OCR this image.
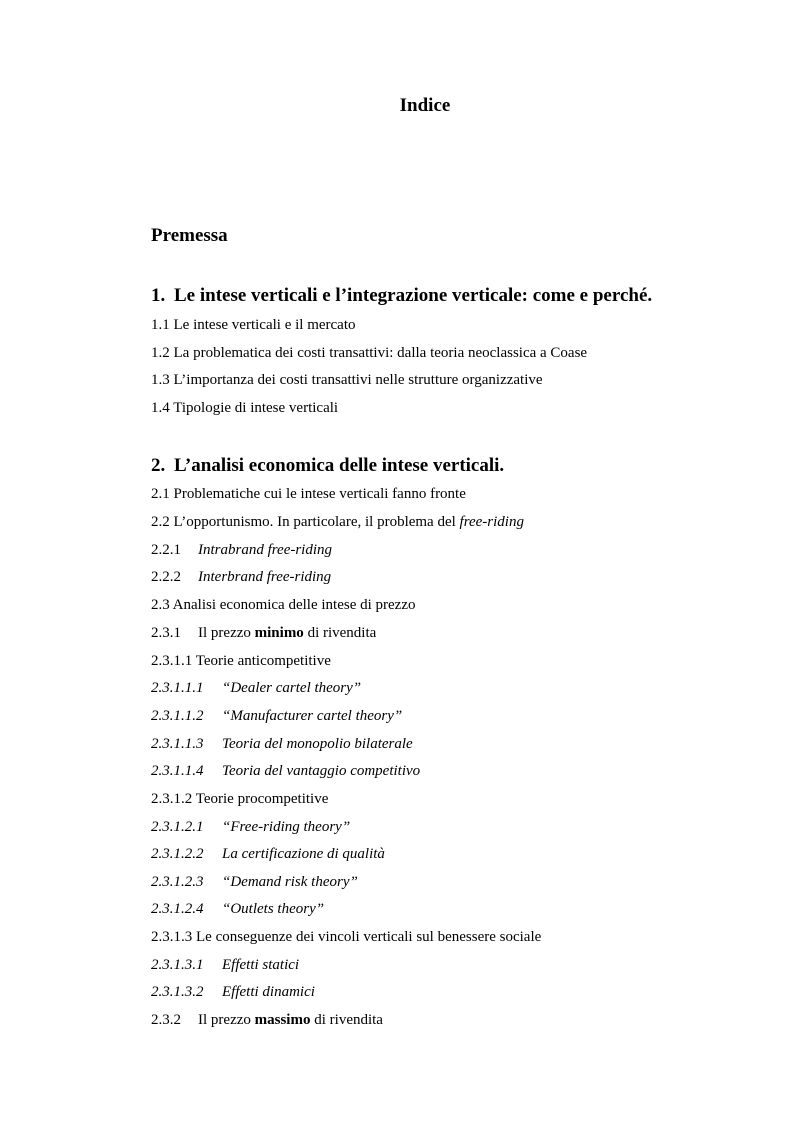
Indice
Premessa
1. Le intese verticali e l’integrazione verticale: come e perché.
1.1 Le intese verticali e il mercato
1.2 La problematica dei costi transattivi: dalla teoria neoclassica a Coase
1.3 L’importanza dei costi transattivi nelle strutture organizzative
1.4 Tipologie di intese verticali
2. L’analisi economica delle intese verticali.
2.1 Problematiche cui le intese verticali fanno fronte
2.2 L’opportunismo. In particolare, il problema del free-riding
2.2.1 Intrabrand free-riding
2.2.2 Interbrand free-riding
2.3 Analisi economica delle intese di prezzo
2.3.1 Il prezzo minimo di rivendita
2.3.1.1 Teorie anticompetitive
2.3.1.1.1 “Dealer cartel theory”
2.3.1.1.2 “Manufacturer cartel theory”
2.3.1.1.3 Teoria del monopolio bilaterale
2.3.1.1.4 Teoria del vantaggio competitivo
2.3.1.2 Teorie procompetitive
2.3.1.2.1 “Free-riding theory”
2.3.1.2.2 La certificazione di qualità
2.3.1.2.3 “Demand risk theory”
2.3.1.2.4 “Outlets theory”
2.3.1.3 Le conseguenze dei vincoli verticali sul benessere sociale
2.3.1.3.1 Effetti statici
2.3.1.3.2 Effetti dinamici
2.3.2 Il prezzo massimo di rivendita
